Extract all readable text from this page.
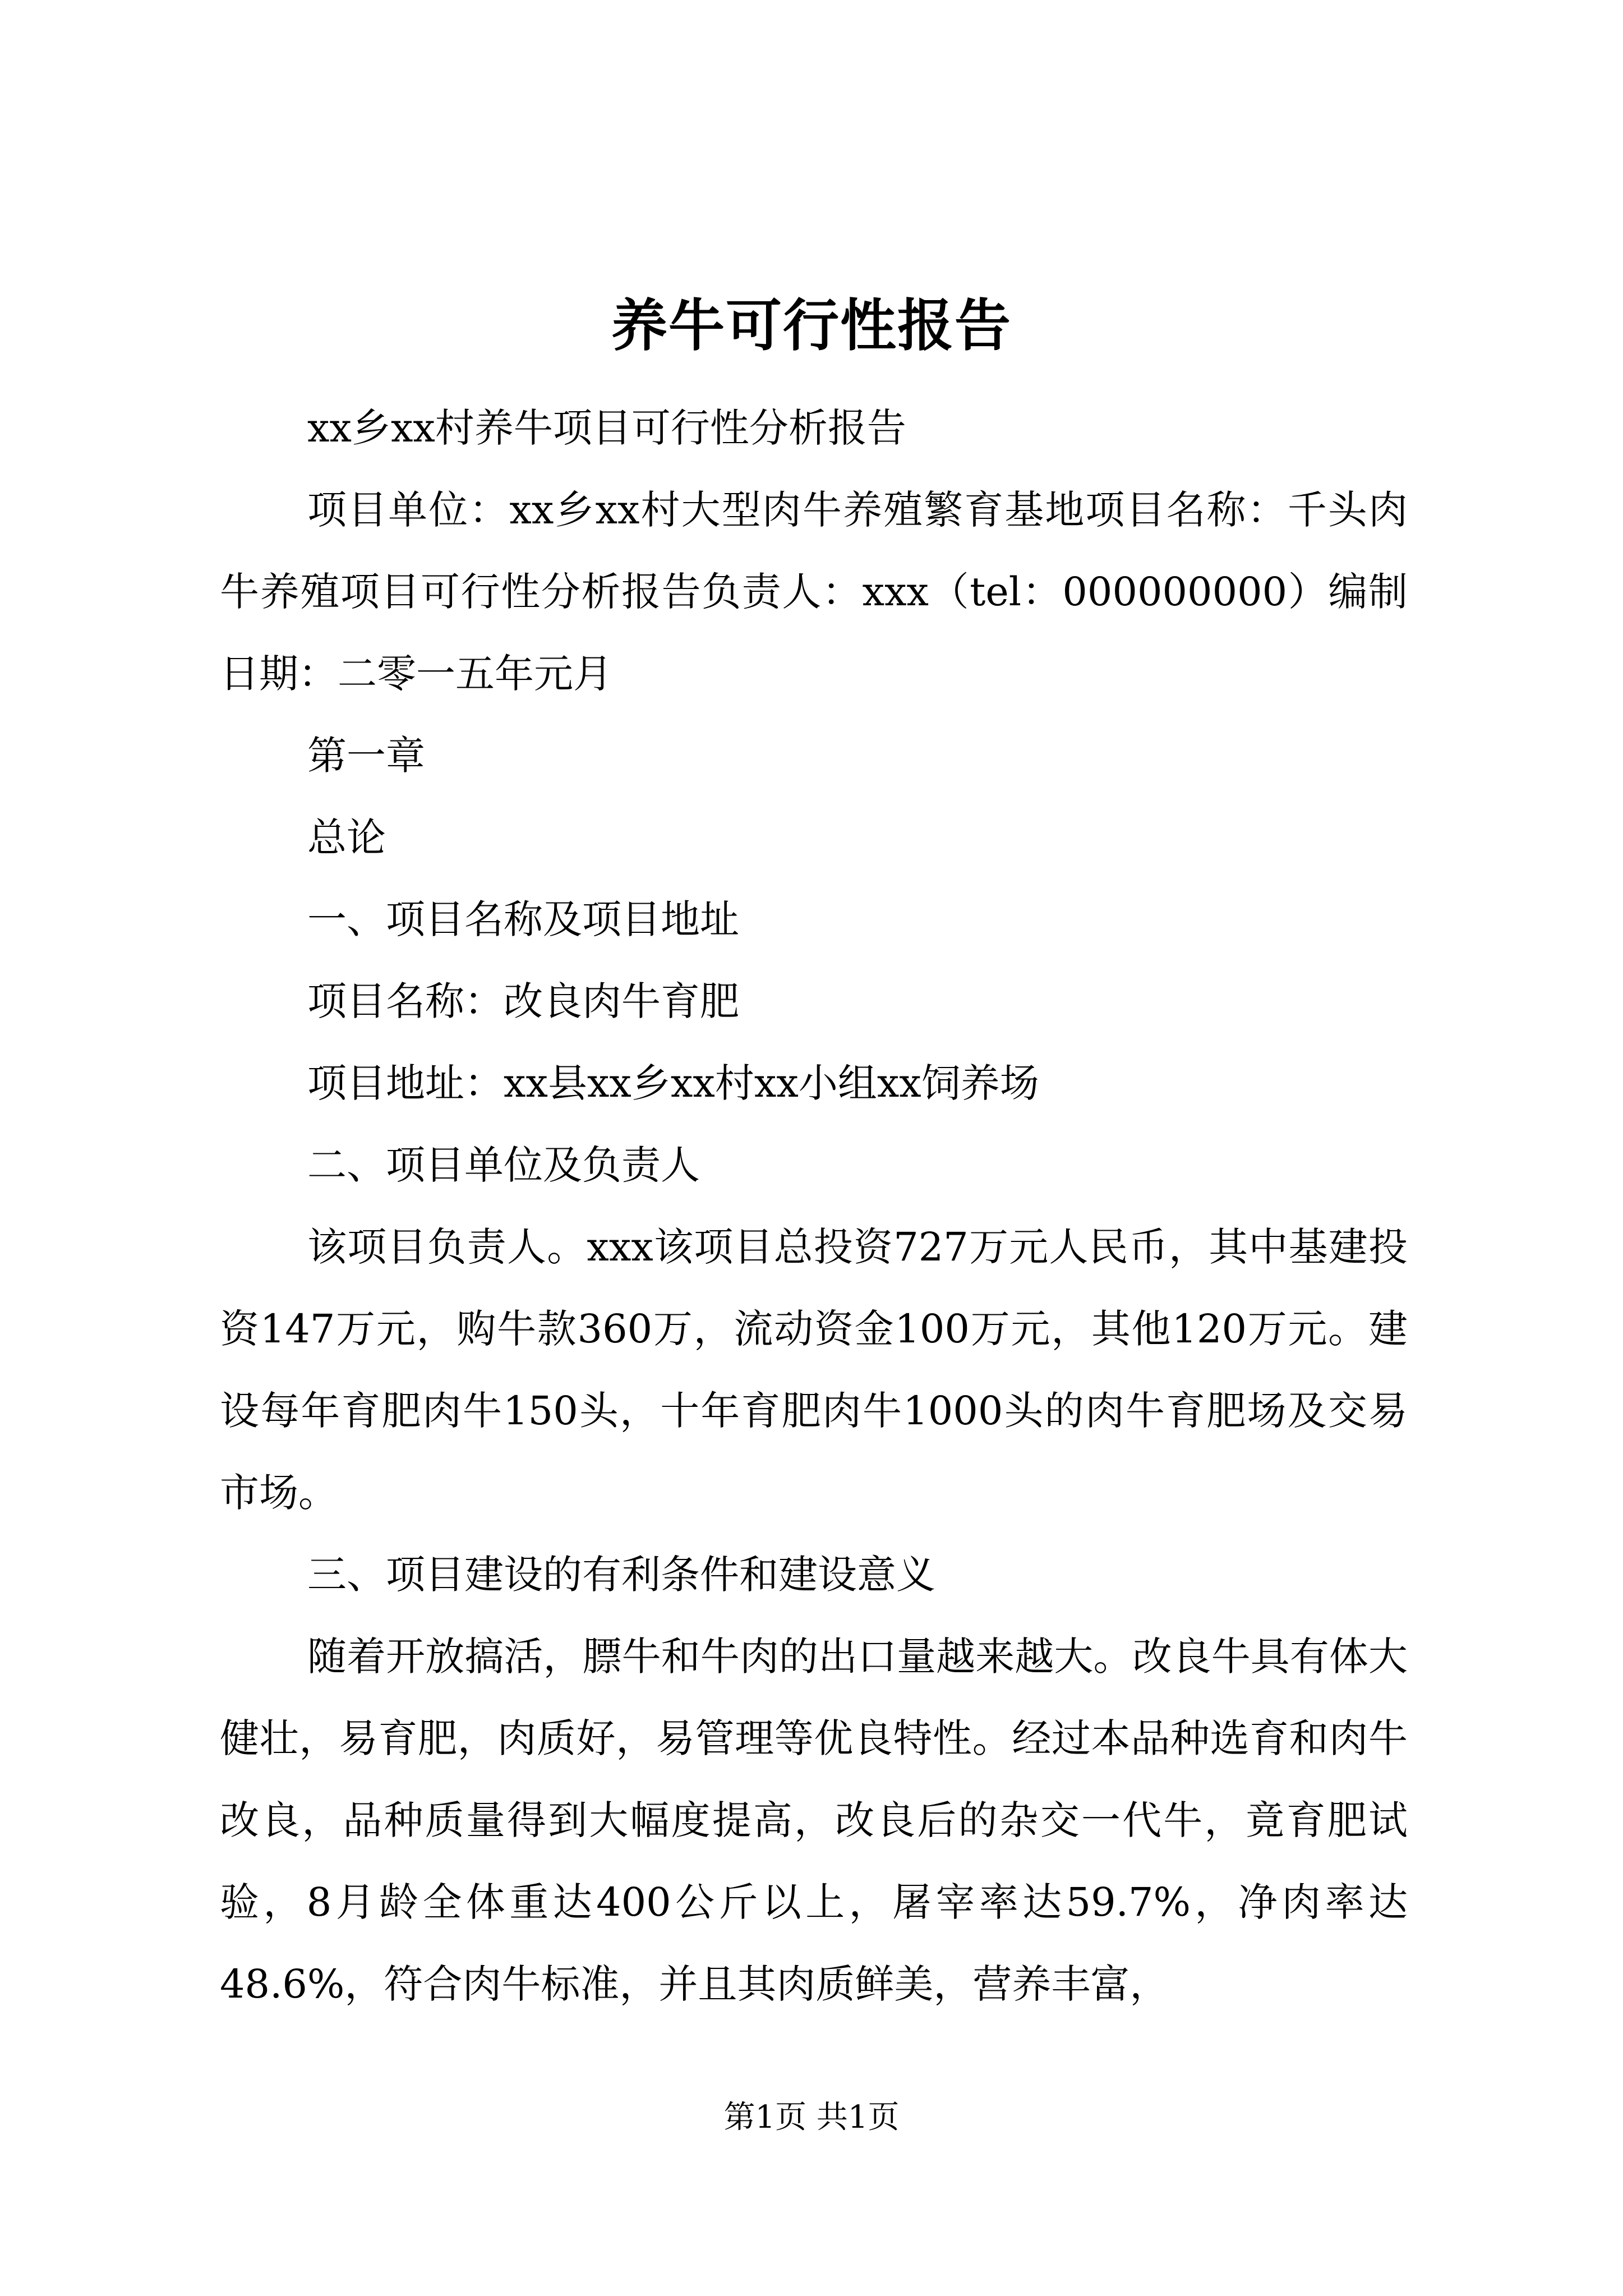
养牛可行性报告

xx乡xx村养牛项目可行性分析报告

项目单位：xx乡xx村大型肉牛养殖繁育基地项目名称：千头肉牛养殖项目可行性分析报告负责人：xxx（tel：000000000）编制日期：二零一五年元月

第一章

总论

一、项目名称及项目地址

项目名称：改良肉牛育肥

项目地址：xx县xx乡xx村xx小组xx饲养场

二、项目单位及负责人

该项目负责人。xxx该项目总投资727万元人民币，其中基建投资147万元，购牛款360万，流动资金100万元，其他120万元。建设每年育肥肉牛150头，十年育肥肉牛1000头的肉牛育肥场及交易市场。

三、项目建设的有利条件和建设意义

随着开放搞活，膘牛和牛肉的出口量越来越大。改良牛具有体大健壮，易育肥，肉质好，易管理等优良特性。经过本品种选育和肉牛改良，品种质量得到大幅度提高，改良后的杂交一代牛，竟育肥试验，8月龄全体重达400公斤以上，屠宰率达59.7%，净肉率达48.6%，符合肉牛标准，并且其肉质鲜美，营养丰富，

第1页 共1页
